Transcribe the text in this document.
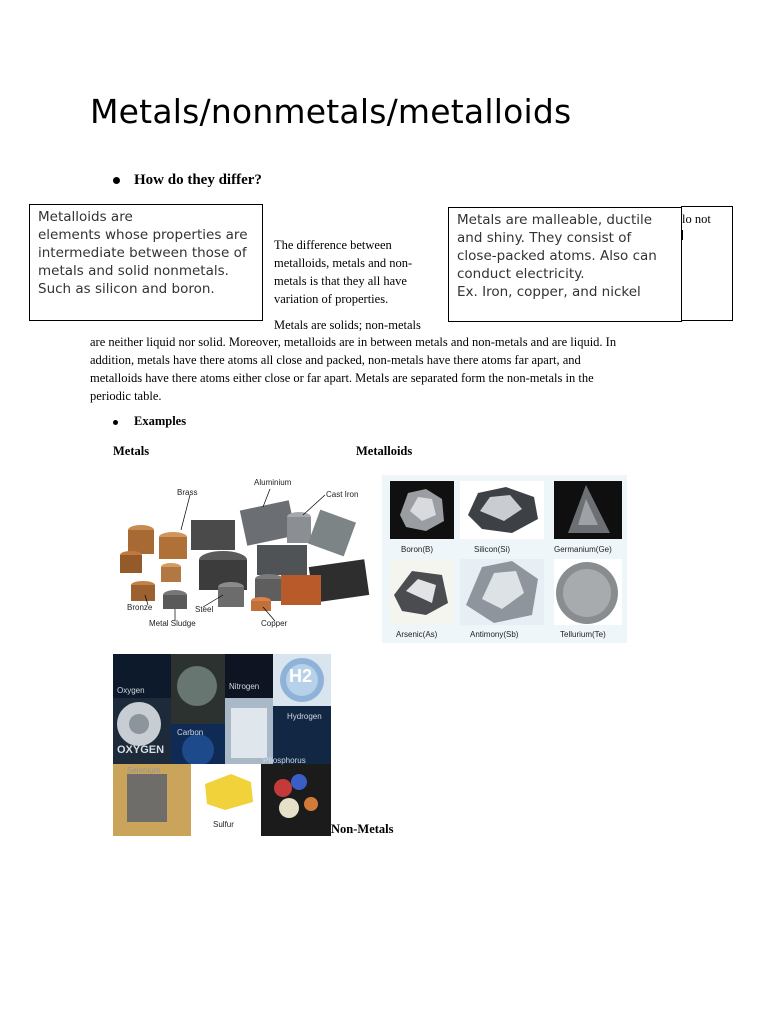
Metals/nonmetals/metalloids
How do they differ?
The difference between
metalloids, metals and non-
metals is that they all have
variation of properties.
Metals are solids; non-metals
lo not
Metalloids are
elements whose properties are
intermediate between those of
metals and solid nonmetals.
Such as silicon and boron.
Metals are malleable, ductile
and shiny. They consist of
close-packed atoms. Also can
conduct electricity.
Ex. Iron, copper, and nickel
are neither liquid nor solid. Moreover, metalloids are in between metals and non-metals and are liquid. In
addition, metals have there atoms all close and packed, non-metals have there atoms far apart, and
metalloids have there atoms either close or far apart. Metals are separated form the non-metals in the
periodic table.
Examples
Metals	Metalloids
Non-Metals
Brass
Aluminium
Cast Iron
Bronze	Steel
Metal Sludge	Copper
Boron(B)	Silicon(Si)	Germanium(Ge)
Arsenic(As)	Antimony(Sb)	Tellurium(Te)
Oxygen	Nitrogen
H2
Carbon
Hydrogen
Phosphorus
Selenium
Sulfur
OXYGEN
